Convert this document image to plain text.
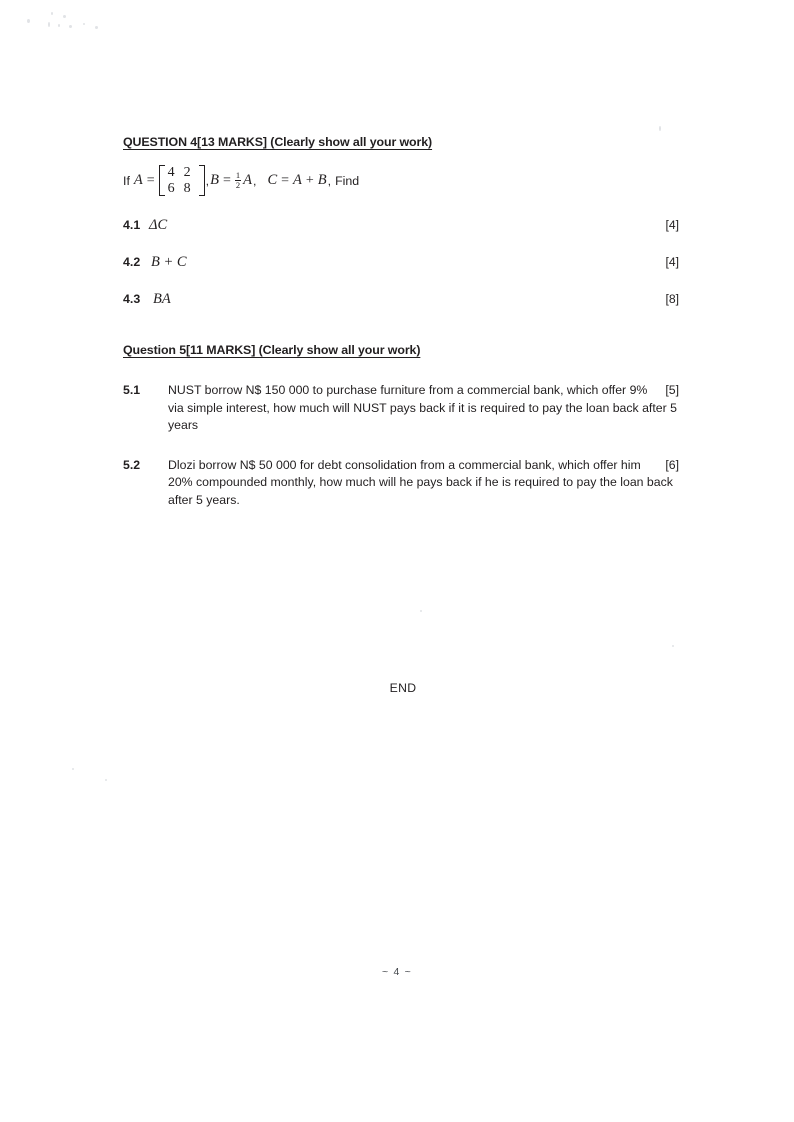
QUESTION 4[13 MARKS] (Clearly show all your work)
If A =
4	2
6	8 , $B = \frac{1}{2}$ A , C = A + B , Find
4.1 ΔC	[4]
4.2 B + C	[4]
4.3 BA	[8]
Question 5[11 MARKS] (Clearly show all your work)
5.1	[5]
NUST borrow N$ 150 000 to purchase furniture from a commercial bank, which offer 9% via simple interest, how much will NUST pays back if it is required to pay the loan back after 5 years
5.2	[6]
Dlozi borrow N$ 50 000 for debt consolidation from a commercial bank, which offer him 20% compounded monthly, how much will he pays back if he is required to pay the loan back after 5 years.
END
~ 4 ~
